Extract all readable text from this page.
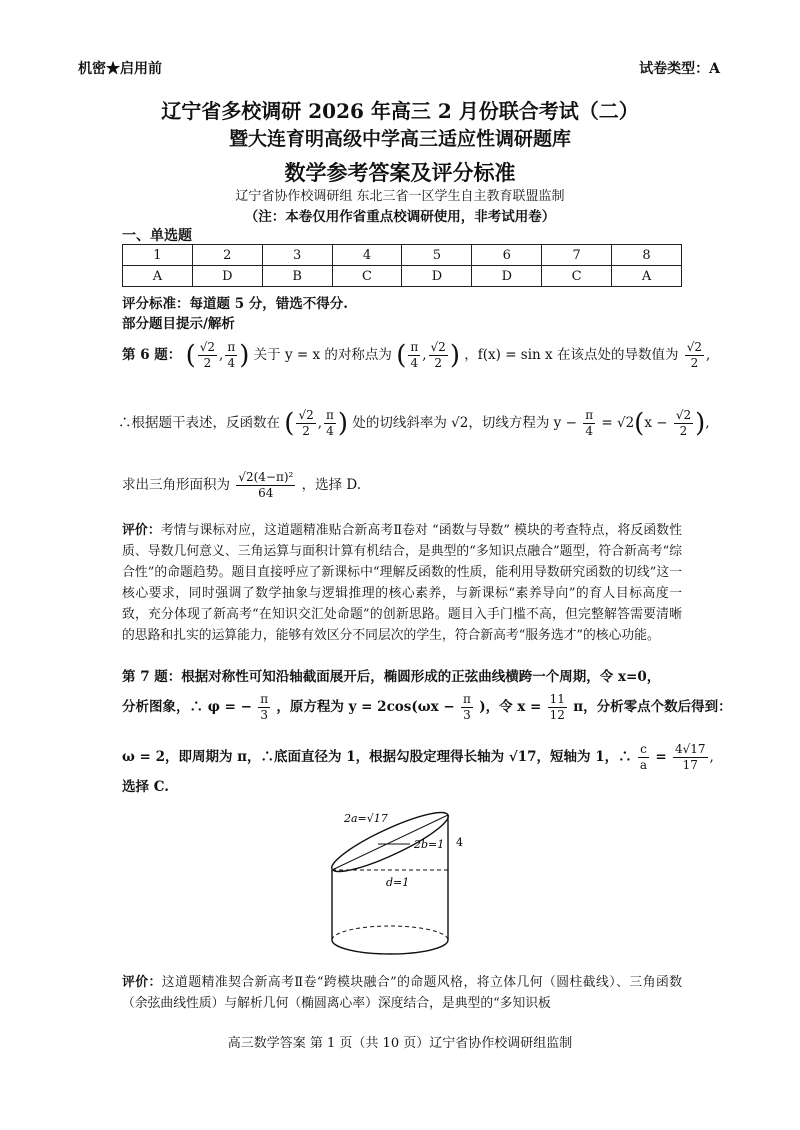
机密★启用前	试卷类型：A
辽宁省多校调研 2026 年高三 2 月份联合考试（二）
暨大连育明高级中学高三适应性调研题库
数学参考答案及评分标准
辽宁省协作校调研组 东北三省一区学生自主教育联盟监制
（注：本卷仅用作省重点校调研使用，非考试用卷）
一、单选题
1	2	3	4	5	6	7	8
A	D	B	C	D	D	C	A
评分标准：每道题 5 分，错选不得分.
部分题目提示/解析
第 6 题： ( $\frac{√2}{2}$ , $\frac{\pi}{4}$ ) 关于 y = x 的对称点为 ( $\frac{\pi}{4}$ , $\frac{√2}{2}$ ) ，f(x) = sin x 在该点处的导数值为 $\frac{√2}{2}$ ,
∴根据题干表述，反函数在 ( $\frac{√2}{2}$ , $\frac{\pi}{4}$ ) 处的切线斜率为 √2，切线方程为 $y - \frac{\pi}{4} = √2(x - \frac{√2}{2}$ ),
求出三角形面积为 $\frac{\text{√2(4−π)²}}{64}$ ，选择 D.
评价：考情与课标对应，这道题精准贴合新高考Ⅱ卷对 “函数与导数” 模块的考查特点，将反函数性质、导数几何意义、三角运算与面积计算有机结合，是典型的“多知识点融合”题型，符合新高考“综合性”的命题趋势。题目直接呼应了新课标中“理解反函数的性质，能利用导数研究函数的切线”这一核心要求，同时强调了数学抽象与逻辑推理的核心素养，与新课标“素养导向”的育人目标高度一致，充分体现了新高考“在知识交汇处命题”的创新思路。题目入手门槛不高，但完整解答需要清晰的思路和扎实的运算能力，能够有效区分不同层次的学生，符合新高考“服务选才”的核心功能。
第 7 题：根据对称性可知沿轴截面展开后，椭圆形成的正弦曲线横跨一个周期，令 x=0，
分析图象，∴ φ = − $\frac{\pi}{3}$ ，原方程为 $y = 2\cos(\omega x - \frac{\pi}{3}$ )，令 $x = \frac{11}{12}$ π，分析零点个数后得到：
ω = 2，即周期为 π，∴底面直径为 1，根据勾股定理得长轴为 √17，短轴为 1，∴ $\frac{c}{a} = \frac{4√17}{17}$ ,
选择 C.
2a=√17
2b=1 4
d=1
评价：这道题精准契合新高考Ⅱ卷“跨模块融合”的命题风格，将立体几何（圆柱截线）、三角函数（余弦曲线性质）与解析几何（椭圆离心率）深度结合，是典型的“多知识板
高三数学答案 第 1 页（共 10 页）辽宁省协作校调研组监制
